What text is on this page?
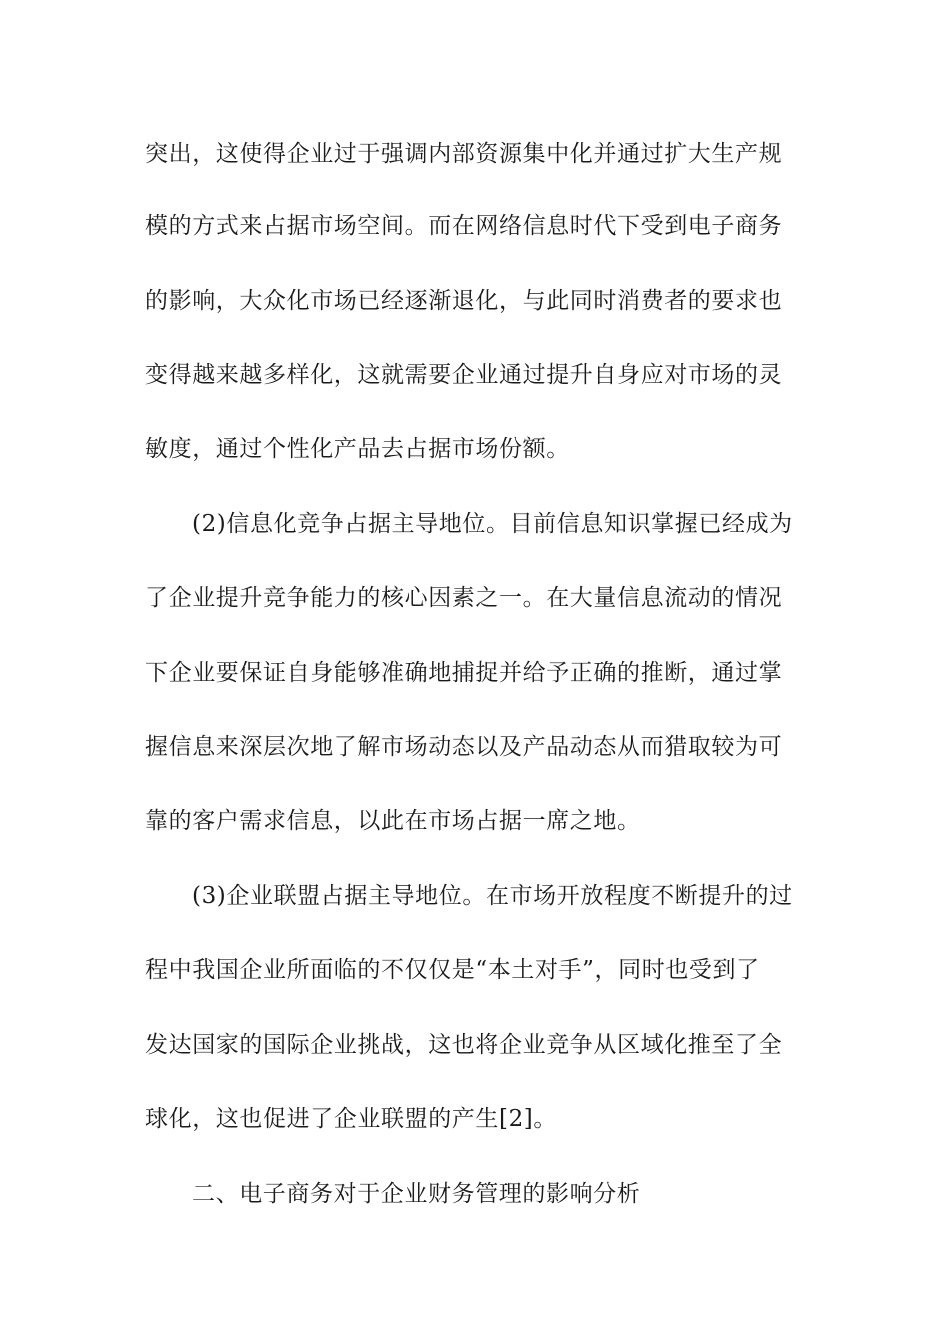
突出，这使得企业过于强调内部资源集中化并通过扩大生产规
模的方式来占据市场空间。而在网络信息时代下受到电子商务
的影响，大众化市场已经逐渐退化，与此同时消费者的要求也
变得越来越多样化，这就需要企业通过提升自身应对市场的灵
敏度，通过个性化产品去占据市场份额。
(2)信息化竞争占据主导地位。目前信息知识掌握已经成为
了企业提升竞争能力的核心因素之一。在大量信息流动的情况
下企业要保证自身能够准确地捕捉并给予正确的推断，通过掌
握信息来深层次地了解市场动态以及产品动态从而猎取较为可
靠的客户需求信息，以此在市场占据一席之地。
(3)企业联盟占据主导地位。在市场开放程度不断提升的过
程中我国企业所面临的不仅仅是“本土对手”，同时也受到了
发达国家的国际企业挑战，这也将企业竞争从区域化推至了全
球化，这也促进了企业联盟的产生[2]。
二、电子商务对于企业财务管理的影响分析
